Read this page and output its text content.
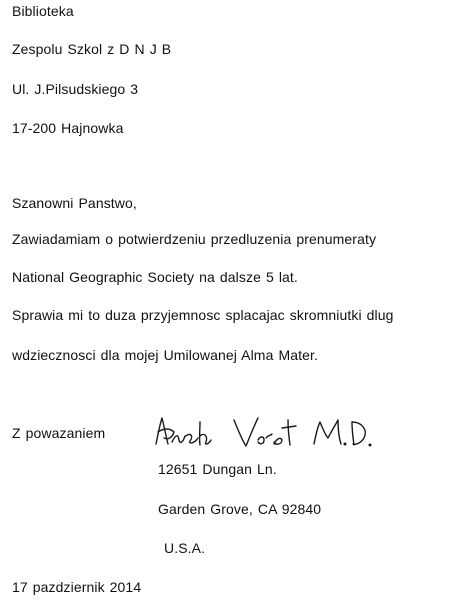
Biblioteka
Zespolu Szkol z D N J B
Ul. J.Pilsudskiego 3
17-200 Hajnowka
Szanowni Panstwo,
Zawiadamiam o potwierdzeniu przedluzenia prenumeraty
National Geographic Society na dalsze 5 lat.
Sprawia mi to duza przyjemnosc splacajac skromniutki dlug
wdziecznosci dla mojej Umilowanej Alma Mater.
Z powazaniem
12651 Dungan Ln.
Garden Grove, CA 92840
U.S.A.
17 pazdziernik 2014
